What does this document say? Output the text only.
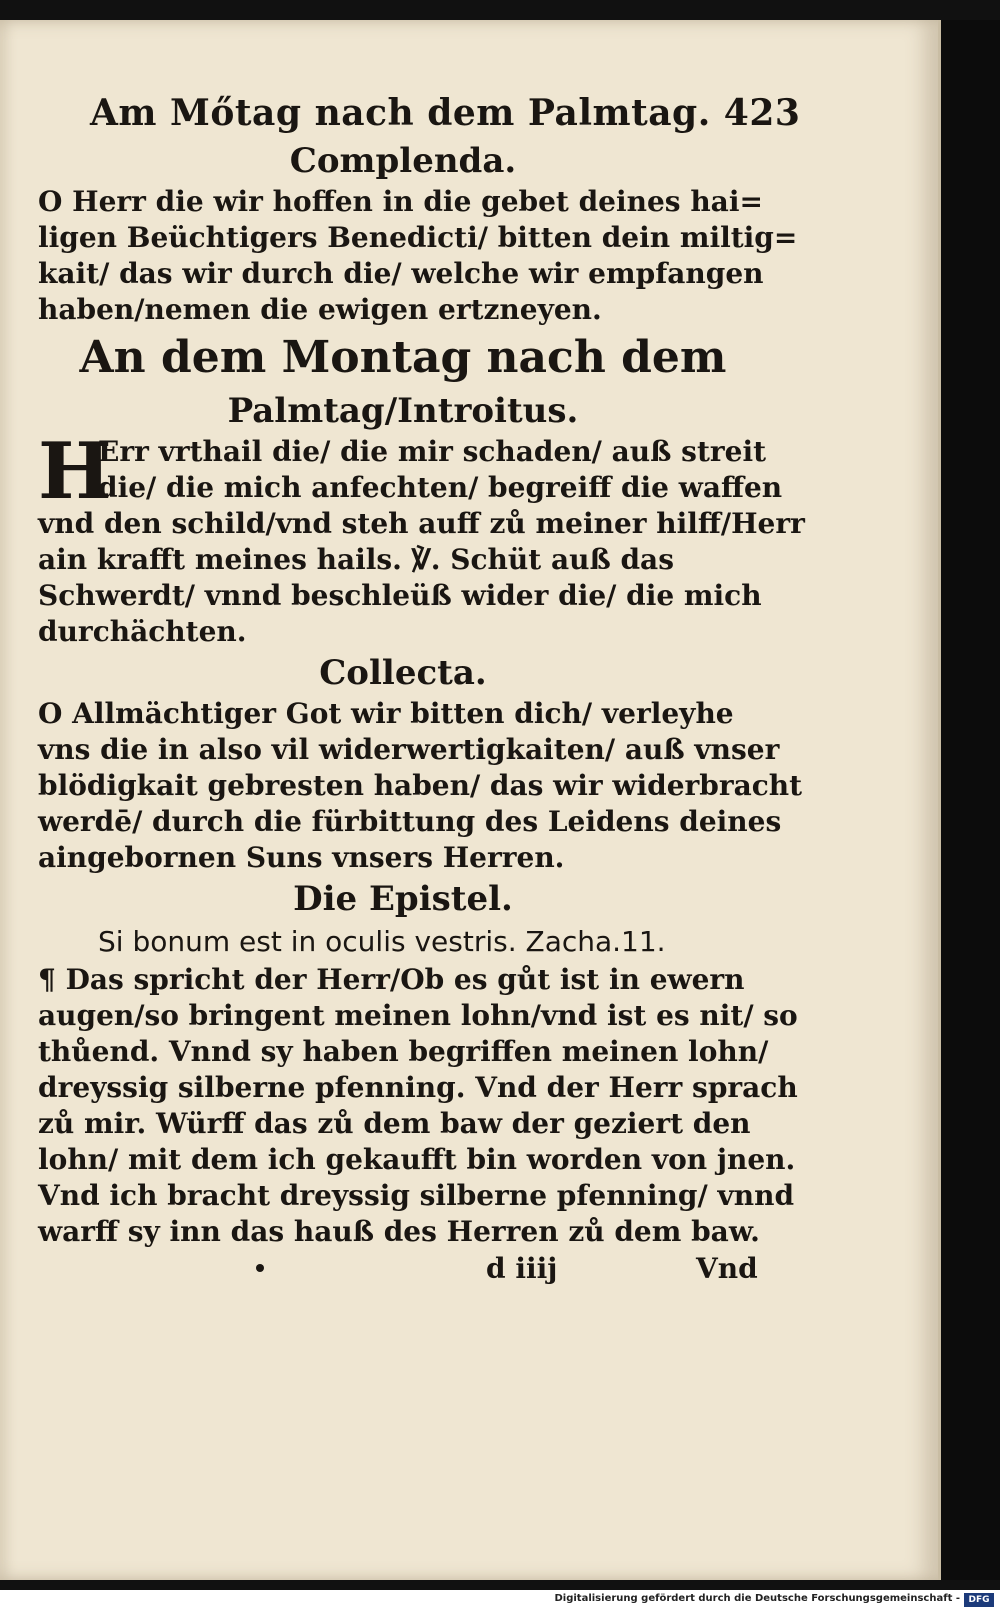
Am Mőtag nach dem Palmtag. 423
Complenda.

O Herr die wir hoffen in die gebet deines hai=

ligen Beüchtigers Benedicti/ bitten dein miltig=

kait/ das wir durch die/ welche wir empfangen

haben/nemen die ewigen ertzneyen.

An dem Montag nach dem
Palmtag/Introitus.
H

Err vrthail die/ die mir schaden/ auß streit

die/ die mich anfechten/ begreiff die waffen

vnd den schild/vnd steh auff zů meiner hilff/Herr

ain krafft meines hails. ℣. Schüt auß das

Schwerdt/ vnnd beschleüß wider die/ die mich

durchächten.

Collecta.

O Allmächtiger Got wir bitten dich/ verleyhe

vns die in also vil widerwertigkaiten/ auß vnser

blödigkait gebresten haben/ das wir widerbracht

werdē/ durch die fürbittung des Leidens deines

aingebornen Suns vnsers Herren.

Die Epistel.
Si bonum est in oculis vestris. Zacha.11.

¶ Das spricht der Herr/Ob es gůt ist in ewern

augen/so bringent meinen lohn/vnd ist es nit/ so

thůend. Vnnd sy haben begriffen meinen lohn/

dreyssig silberne pfenning. Vnd der Herr sprach

zů mir. Würff das zů dem baw der geziert den

lohn/ mit dem ich gekaufft bin worden von jnen.

Vnd ich bracht dreyssig silberne pfenning/ vnnd

warff sy inn das hauß des Herren zů dem baw.

d iiij	Vnd
Digitalisierung gefördert durch die Deutsche Forschungsgemeinschaft - DFG
